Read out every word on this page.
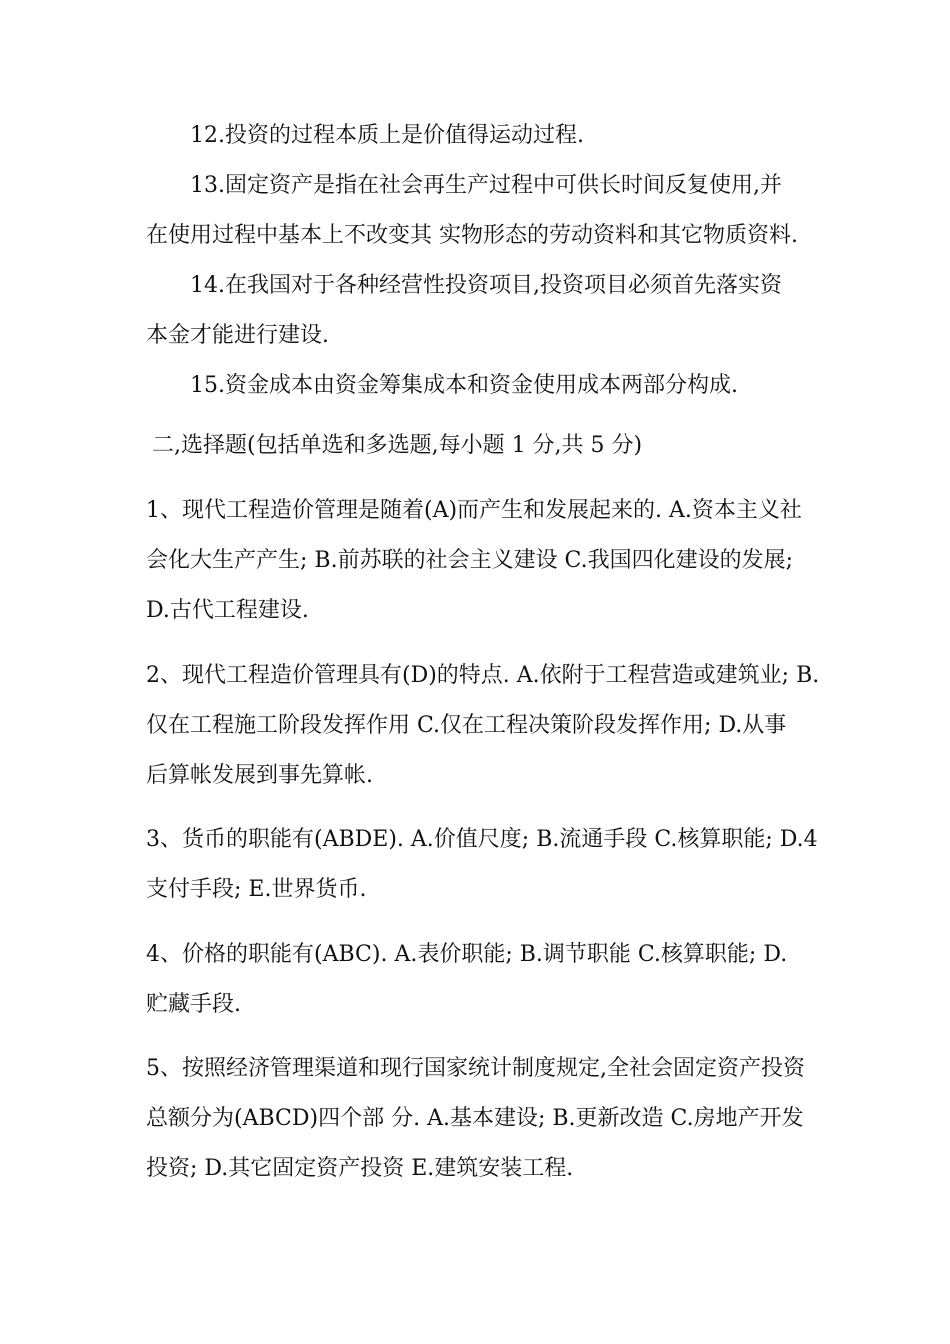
12.投资的过程本质上是价值得运动过程.
13.固定资产是指在社会再生产过程中可供长时间反复使用,并
在使用过程中基本上不改变其 实物形态的劳动资料和其它物质资料.
14.在我国对于各种经营性投资项目,投资项目必须首先落实资
本金才能进行建设.
15.资金成本由资金筹集成本和资金使用成本两部分构成.
二,选择题(包括单选和多选题,每小题 1 分,共 5 分)
1、现代工程造价管理是随着(A)而产生和发展起来的. A.资本主义社
会化大生产产生; B.前苏联的社会主义建设 C.我国四化建设的发展;
D.古代工程建设.
2、现代工程造价管理具有(D)的特点. A.依附于工程营造或建筑业; B.
仅在工程施工阶段发挥作用 C.仅在工程决策阶段发挥作用; D.从事
后算帐发展到事先算帐.
3、货币的职能有(ABDE). A.价值尺度; B.流通手段 C.核算职能; D.4
支付手段; E.世界货币.
4、价格的职能有(ABC). A.表价职能; B.调节职能 C.核算职能; D.
贮藏手段.
5、按照经济管理渠道和现行国家统计制度规定,全社会固定资产投资
总额分为(ABCD)四个部 分. A.基本建设; B.更新改造 C.房地产开发
投资; D.其它固定资产投资 E.建筑安装工程.
